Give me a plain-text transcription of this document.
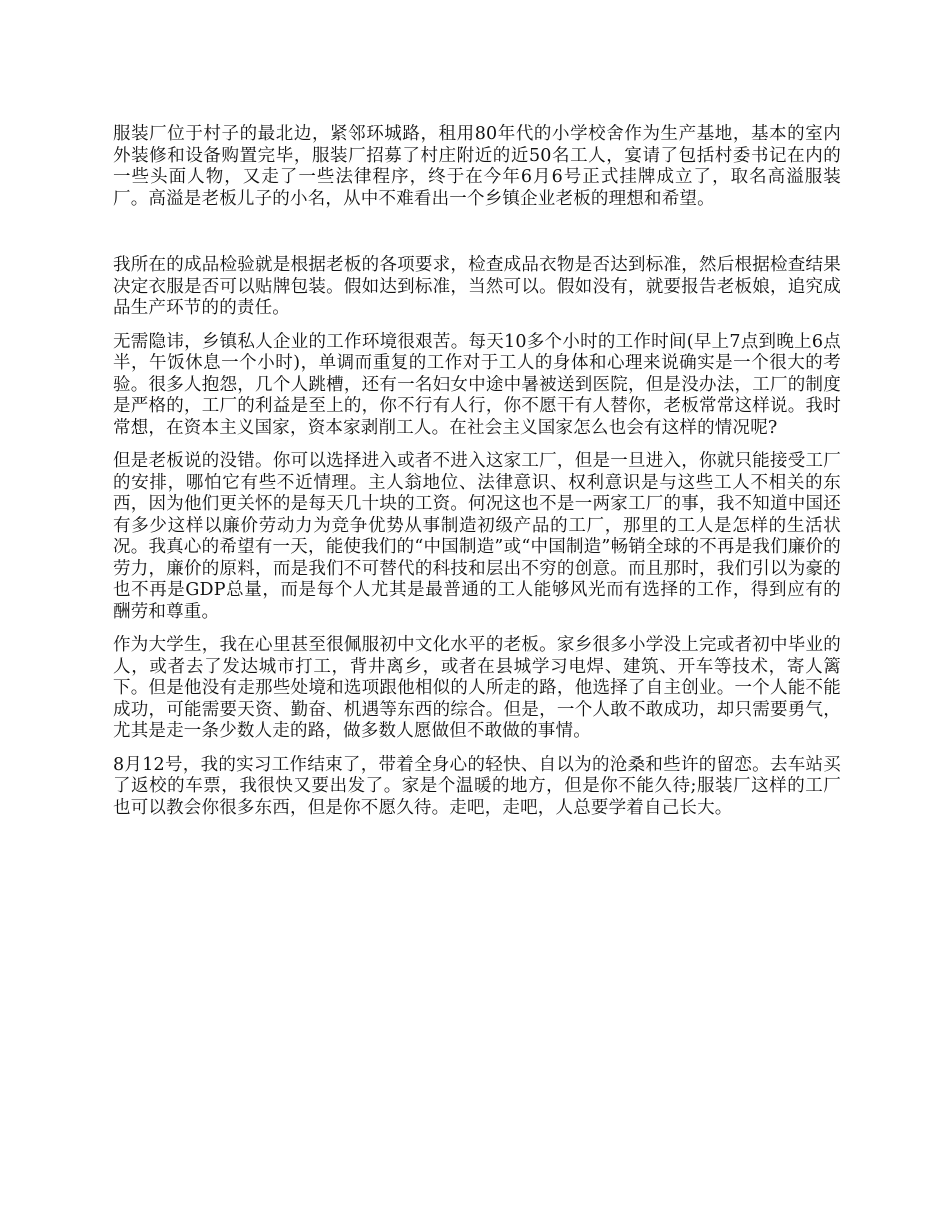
服装厂位于村子的最北边，紧邻环城路，租用80年代的小学校舍作为生产基地，基本的室内外装修和设备购置完毕，服装厂招募了村庄附近的近50名工人，宴请了包括村委书记在内的一些头面人物，又走了一些法律程序，终于在今年6月6号正式挂牌成立了，取名高溢服装厂。高溢是老板儿子的小名，从中不难看出一个乡镇企业老板的理想和希望。

我所在的成品检验就是根据老板的各项要求，检查成品衣物是否达到标准，然后根据检查结果决定衣服是否可以贴牌包装。假如达到标准，当然可以。假如没有，就要报告老板娘，追究成品生产环节的的责任。

无需隐讳，乡镇私人企业的工作环境很艰苦。每天10多个小时的工作时间(早上7点到晚上6点半，午饭休息一个小时)，单调而重复的工作对于工人的身体和心理来说确实是一个很大的考验。很多人抱怨，几个人跳槽，还有一名妇女中途中暑被送到医院，但是没办法，工厂的制度是严格的，工厂的利益是至上的，你不行有人行，你不愿干有人替你，老板常常这样说。我时常想，在资本主义国家，资本家剥削工人。在社会主义国家怎么也会有这样的情况呢?

但是老板说的没错。你可以选择进入或者不进入这家工厂，但是一旦进入，你就只能接受工厂的安排，哪怕它有些不近情理。主人翁地位、法律意识、权利意识是与这些工人不相关的东西，因为他们更关怀的是每天几十块的工资。何况这也不是一两家工厂的事，我不知道中国还有多少这样以廉价劳动力为竞争优势从事制造初级产品的工厂，那里的工人是怎样的生活状况。我真心的希望有一天，能使我们的“中国制造”或“中国制造”畅销全球的不再是我们廉价的劳力，廉价的原料，而是我们不可替代的科技和层出不穷的创意。而且那时，我们引以为豪的也不再是GDP总量，而是每个人尤其是最普通的工人能够风光而有选择的工作，得到应有的酬劳和尊重。

作为大学生，我在心里甚至很佩服初中文化水平的老板。家乡很多小学没上完或者初中毕业的人，或者去了发达城市打工，背井离乡，或者在县城学习电焊、建筑、开车等技术，寄人篱下。但是他没有走那些处境和选项跟他相似的人所走的路，他选择了自主创业。一个人能不能成功，可能需要天资、勤奋、机遇等东西的综合。但是，一个人敢不敢成功，却只需要勇气，尤其是走一条少数人走的路，做多数人愿做但不敢做的事情。

8月12号，我的实习工作结束了，带着全身心的轻快、自以为的沧桑和些许的留恋。去车站买了返校的车票，我很快又要出发了。家是个温暖的地方，但是你不能久待;服装厂这样的工厂也可以教会你很多东西，但是你不愿久待。走吧，走吧，人总要学着自己长大。
